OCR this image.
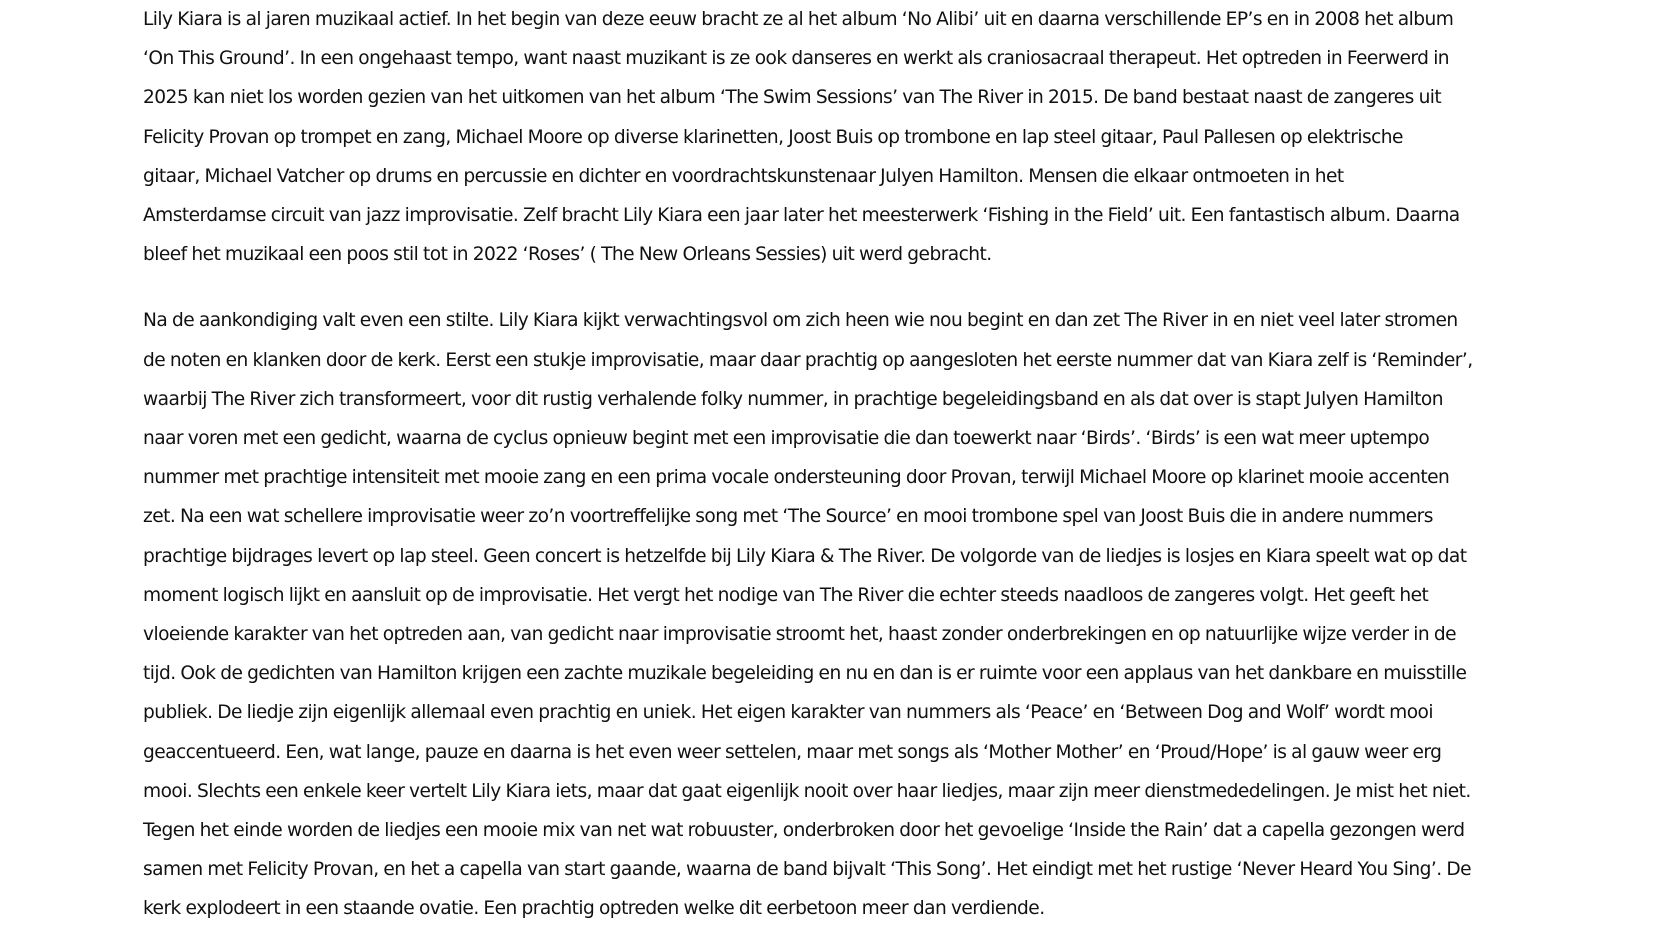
Lily Kiara is al jaren muzikaal actief. In het begin van deze eeuw bracht ze al het album ‘No Alibi’ uit en daarna verschillende EP’s en in 2008 het album
‘On This Ground’. In een ongehaast tempo, want naast muzikant is ze ook danseres en werkt als craniosacraal therapeut. Het optreden in Feerwerd in
2025 kan niet los worden gezien van het uitkomen van het album ‘The Swim Sessions’ van The River in 2015. De band bestaat naast de zangeres uit
Felicity Provan op trompet en zang, Michael Moore op diverse klarinetten, Joost Buis op trombone en lap steel gitaar, Paul Pallesen op elektrische
gitaar, Michael Vatcher op drums en percussie en dichter en voordrachtskunstenaar Julyen Hamilton. Mensen die elkaar ontmoeten in het
Amsterdamse circuit van jazz improvisatie. Zelf bracht Lily Kiara een jaar later het meesterwerk ‘Fishing in the Field’ uit. Een fantastisch album. Daarna
bleef het muzikaal een poos stil tot in 2022 ‘Roses’ ( The New Orleans Sessies) uit werd gebracht.

Na de aankondiging valt even een stilte. Lily Kiara kijkt verwachtingsvol om zich heen wie nou begint en dan zet The River in en niet veel later stromen
de noten en klanken door de kerk. Eerst een stukje improvisatie, maar daar prachtig op aangesloten het eerste nummer dat van Kiara zelf is ‘Reminder’,
waarbij The River zich transformeert, voor dit rustig verhalende folky nummer, in prachtige begeleidingsband en als dat over is stapt Julyen Hamilton
naar voren met een gedicht, waarna de cyclus opnieuw begint met een improvisatie die dan toewerkt naar ‘Birds’. ‘Birds’ is een wat meer uptempo
nummer met prachtige intensiteit met mooie zang en een prima vocale ondersteuning door Provan, terwijl Michael Moore op klarinet mooie accenten
zet. Na een wat schellere improvisatie weer zo’n voortreffelijke song met ‘The Source’ en mooi trombone spel van Joost Buis die in andere nummers
prachtige bijdrages levert op lap steel. Geen concert is hetzelfde bij Lily Kiara & The River. De volgorde van de liedjes is losjes en Kiara speelt wat op dat
moment logisch lijkt en aansluit op de improvisatie. Het vergt het nodige van The River die echter steeds naadloos de zangeres volgt. Het geeft het
vloeiende karakter van het optreden aan, van gedicht naar improvisatie stroomt het, haast zonder onderbrekingen en op natuurlijke wijze verder in de
tijd. Ook de gedichten van Hamilton krijgen een zachte muzikale begeleiding en nu en dan is er ruimte voor een applaus van het dankbare en muisstille
publiek. De liedje zijn eigenlijk allemaal even prachtig en uniek. Het eigen karakter van nummers als ‘Peace’ en ‘Between Dog and Wolf’ wordt mooi
geaccentueerd. Een, wat lange, pauze en daarna is het even weer settelen, maar met songs als ‘Mother Mother’ en ‘Proud/Hope’ is al gauw weer erg
mooi. Slechts een enkele keer vertelt Lily Kiara iets, maar dat gaat eigenlijk nooit over haar liedjes, maar zijn meer dienstmededelingen. Je mist het niet.
Tegen het einde worden de liedjes een mooie mix van net wat robuuster, onderbroken door het gevoelige ‘Inside the Rain’ dat a capella gezongen werd
samen met Felicity Provan, en het a capella van start gaande, waarna de band bijvalt ‘This Song’. Het eindigt met het rustige ‘Never Heard You Sing’. De
kerk explodeert in een staande ovatie. Een prachtig optreden welke dit eerbetoon meer dan verdiende.
